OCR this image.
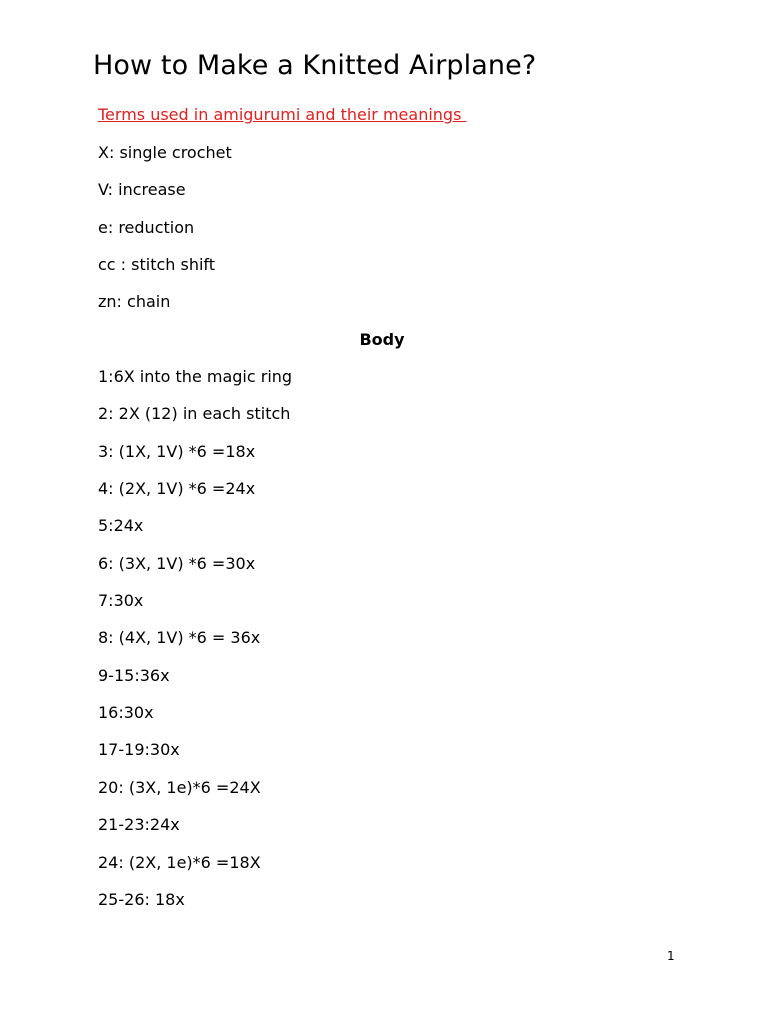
How to Make a Knitted Airplane?
Terms used in amigurumi and their meanings

X: single crochet

V: increase

e: reduction

cc : stitch shift

zn: chain

Body

1:6X into the magic ring

2: 2X (12) in each stitch

3: (1X, 1V) *6 =18x

4: (2X, 1V) *6 =24x

5:24x

6: (3X, 1V) *6 =30x

7:30x

8: (4X, 1V) *6 = 36x

9-15:36x

16:30x

17-19:30x

20: (3X, 1e)*6 =24X

21-23:24x

24: (2X, 1e)*6 =18X

25-26: 18x

1
